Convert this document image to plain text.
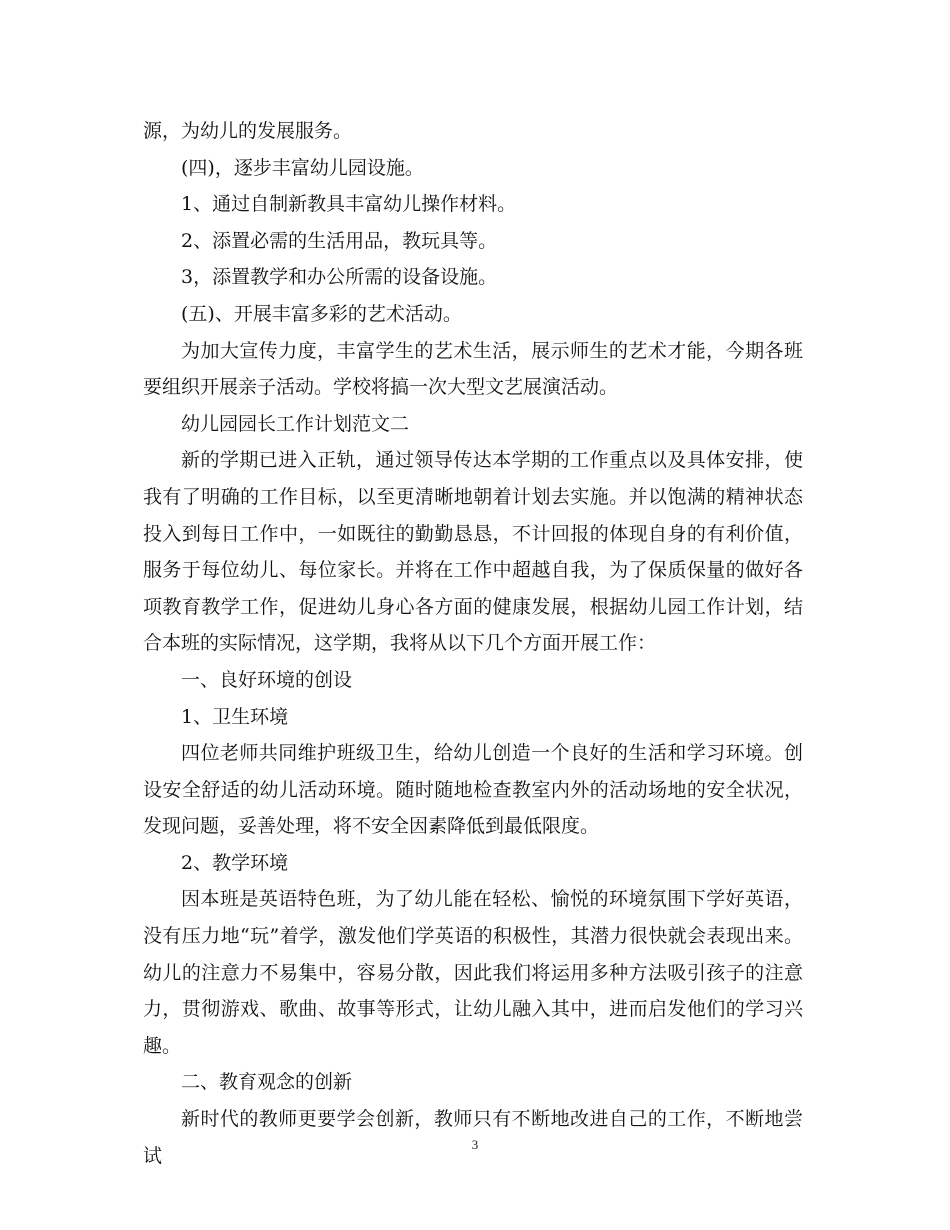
源，为幼儿的发展服务。

(四)，逐步丰富幼儿园设施。

1、通过自制新教具丰富幼儿操作材料。

2、添置必需的生活用品，教玩具等。

3，添置教学和办公所需的设备设施。

(五)、开展丰富多彩的艺术活动。

为加大宣传力度，丰富学生的艺术生活，展示师生的艺术才能，今期各班要组织开展亲子活动。学校将搞一次大型文艺展演活动。

幼儿园园长工作计划范文二

新的学期已进入正轨，通过领导传达本学期的工作重点以及具体安排，使我有了明确的工作目标，以至更清晰地朝着计划去实施。并以饱满的精神状态投入到每日工作中，一如既往的勤勤恳恳，不计回报的体现自身的有利价值，服务于每位幼儿、每位家长。并将在工作中超越自我，为了保质保量的做好各项教育教学工作，促进幼儿身心各方面的健康发展，根据幼儿园工作计划，结合本班的实际情况，这学期，我将从以下几个方面开展工作：

一、良好环境的创设

1、卫生环境

四位老师共同维护班级卫生，给幼儿创造一个良好的生活和学习环境。创设安全舒适的幼儿活动环境。随时随地检查教室内外的活动场地的安全状况，发现问题，妥善处理，将不安全因素降低到最低限度。

2、教学环境

因本班是英语特色班，为了幼儿能在轻松、愉悦的环境氛围下学好英语，没有压力地“玩”着学，激发他们学英语的积极性，其潜力很快就会表现出来。幼儿的注意力不易集中，容易分散，因此我们将运用多种方法吸引孩子的注意力，贯彻游戏、歌曲、故事等形式，让幼儿融入其中，进而启发他们的学习兴趣。

二、教育观念的创新

新时代的教师更要学会创新，教师只有不断地改进自己的工作，不断地尝试

3
